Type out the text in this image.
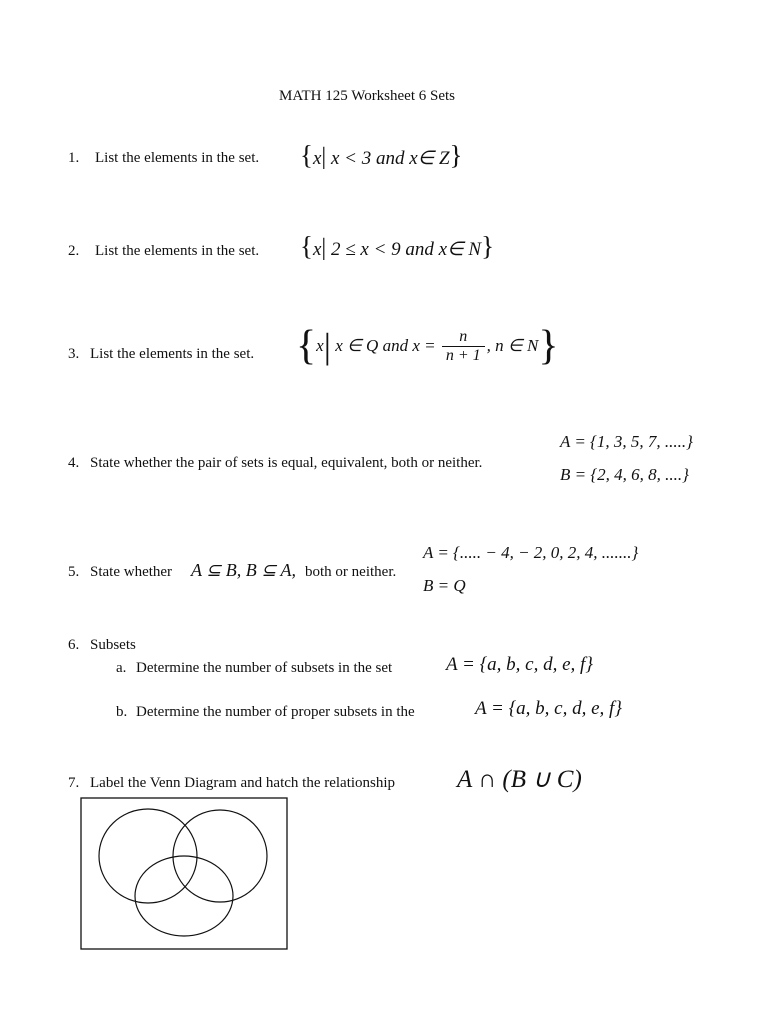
MATH 125 Worksheet 6 Sets
1. List the elements in the set. {x| x < 3 and x∈ Z}
2. List the elements in the set. {x| 2 ≤ x < 9 and x∈ N}
3. List the elements in the set. {x| x ∈ Q and $x = \frac{n}{n + 1}$ , n ∈ N}
4. State whether the pair of sets is equal, equivalent, both or neither.
A = {1, 3, 5, 7, .....}
B = {2, 4, 6, 8, ....}
5. State whether A ⊆ B, B ⊆ A, both or neither.
A = {..... − 4, − 2, 0, 2, 4, .......}
B = Q
6. Subsets
a. Determine the number of subsets in the set	A = {a, b, c, d, e, f}
b. Determine the number of proper subsets in the	A = {a, b, c, d, e, f}
7. Label the Venn Diagram and hatch the relationship A ∩ (B ∪ C)
